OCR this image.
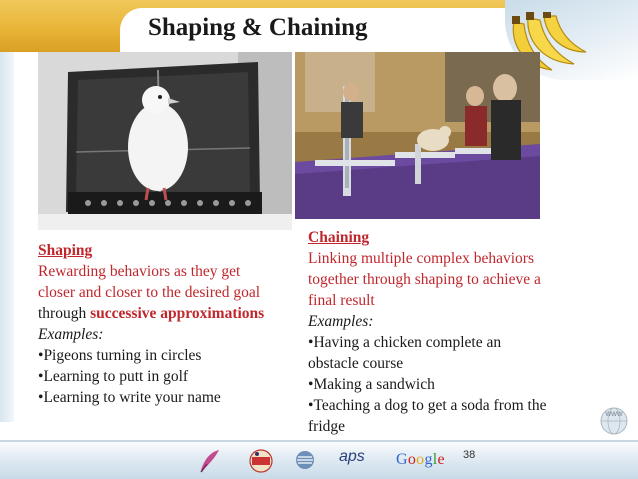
Shaping & Chaining
Shaping
Rewarding behaviors as they get closer and closer to the desired goal through successive approximations
Examples:
• Pigeons turning in circles
• Learning to putt in golf
• Learning to write your name
Chaining
Linking multiple complex behaviors together through shaping to achieve a final result
Examples:
• Having a chicken complete an obstacle course
• Making a sandwich
• Teaching a dog to get a soda from the fridge
www
aps Google 38
